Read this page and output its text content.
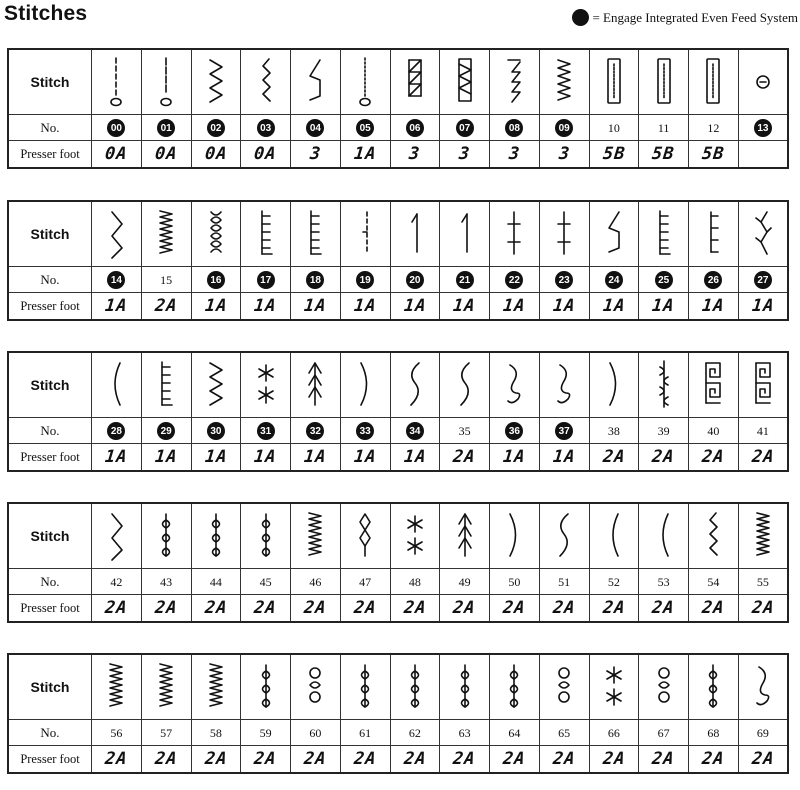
Stitches	= Engage Integrated Even Feed System
Stitch	

No.	00	01	02	03	04	05	06	07	08	09	10	11	12	13
Presser foot	0A	0A	0A	0A	3	1A	3	3	3	3	5B	5B	5B	
Stitch	

No.	14	15	16	17	18	19	20	21	22	23	24	25	26	27
Presser foot	1A	2A	1A	1A	1A	1A	1A	1A	1A	1A	1A	1A	1A	1A
Stitch	

No.	28	29	30	31	32	33	34	35	36	37	38	39	40	41
Presser foot	1A	1A	1A	1A	1A	1A	1A	2A	1A	1A	2A	2A	2A	2A
Stitch	

No.	42	43	44	45	46	47	48	49	50	51	52	53	54	55
Presser foot	2A	2A	2A	2A	2A	2A	2A	2A	2A	2A	2A	2A	2A	2A
Stitch	

No.	56	57	58	59	60	61	62	63	64	65	66	67	68	69
Presser foot	2A	2A	2A	2A	2A	2A	2A	2A	2A	2A	2A	2A	2A	2A
